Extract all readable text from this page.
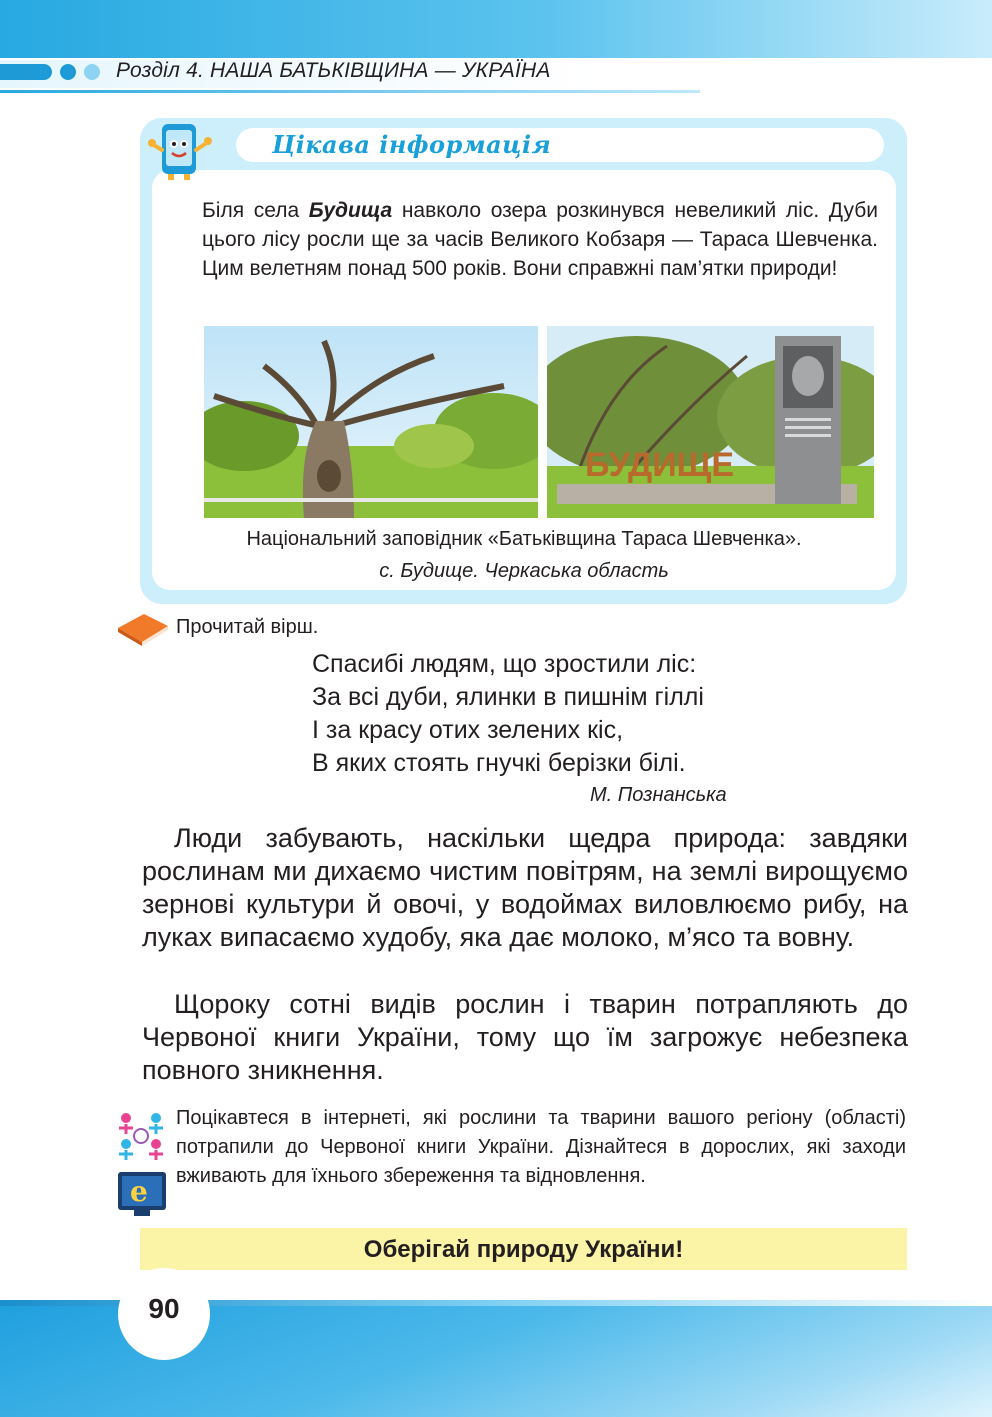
Розділ 4. НАША БАТЬКІВЩИНА — УКРАЇНА
Цікава інформація

Біля села Будища навколо озера розкинувся невеликий ліс. Дуби цього лісу росли ще за часів Великого Кобзаря — Тараса Шевченка. Цим велетням понад 500 років. Вони справжні пам’ятки природи!

БУДИЩЕ
Національний заповідник «Батьківщина Тараса Шевченка».
с. Будище. Черкаська область
Прочитай вірш.
Спасибі людям, що зростили ліс:
За всі дуби, ялинки в пишнім гіллі
І за красу отих зелених кіс,
В яких стоять гнучкі берізки білі.
М. Познанська

Люди забувають, наскільки щедра природа: завдяки рослинам ми дихаємо чистим повітрям, на землі вирощуємо зернові культури й овочі, у водоймах виловлюємо рибу, на луках випасаємо худобу, яка дає молоко, м’ясо та вовну.

Щороку сотні видів рослин і тварин потрапляють до Червоної книги України, тому що їм загрожує небезпека повного зникнення.

e

Поцікавтеся в інтернеті, які рослини та тварини вашого регіону (області) потрапили до Червоної книги України. Дізнайтеся в дорослих, які заходи вживають для їхнього збереження та відновлення.

Оберігай природу України!
90
